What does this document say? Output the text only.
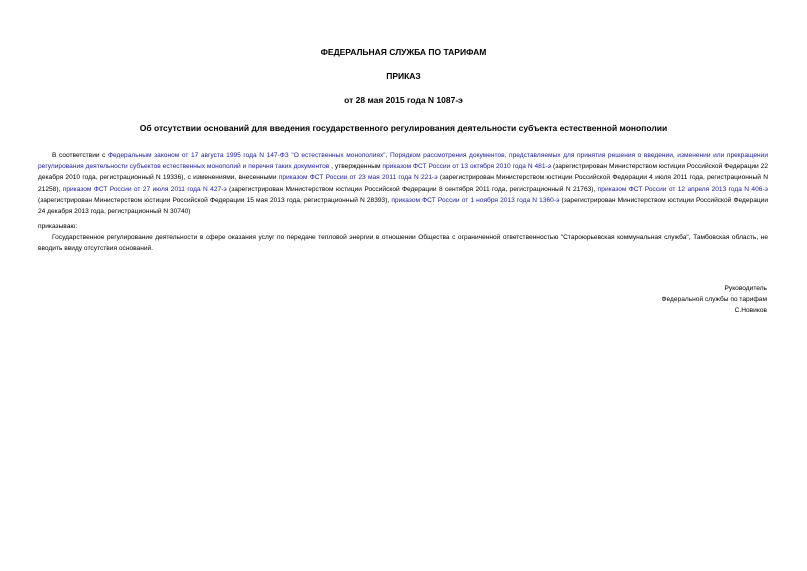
ФЕДЕРАЛЬНАЯ СЛУЖБА ПО ТАРИФАМ
ПРИКАЗ
от 28 мая 2015 года N 1087-э
Об отсутствии оснований для введения государственного регулирования деятельности субъекта естественной монополии
В соответствии с Федеральным законом от 17 августа 1995 года N 147-ФЗ "О естественных монополиях", Порядком рассмотрения документов, представляемых для принятия решения о введении, изменении или прекращении регулирования деятельности субъектов естественных монополий и перечня таких документов , утвержденным приказом ФСТ России от 13 октября 2010 года N 481-э (зарегистрирован Министерством юстиции Российской Федерации 22 декабря 2010 года, регистрационный N 19336), с изменениями, внесенными приказом ФСТ России от 23 мая 2011 года N 221-э (зарегистрирован Министерством юстиции Российской Федерации 4 июля 2011 года, регистрационный N 21258), приказом ФСТ России от 27 июля 2011 года N 427-э (зарегистрирован Министерством юстиции Российской Федерации 8 сентября 2011 года, регистрационный N 21763), приказом ФСТ России от 12 апреля 2013 года N 406-э (зарегистрирован Министерством юстиции Российской Федерации 15 мая 2013 года, регистрационный N 28393), приказом ФСТ России от 1 ноября 2013 года N 1360-э (зарегистрирован Министерством юстиции Российской Федерации 24 декабря 2013 года, регистрационный N 30740)
приказываю:
Государственное регулирование деятельности в сфере оказания услуг по передаче тепловой энергии в отношении Общества с ограниченной ответственностью "Староюрьевская коммунальная служба", Тамбовская область, не вводить ввиду отсутствия оснований.
Руководитель
Федеральной службы по тарифам
С.Новиков
